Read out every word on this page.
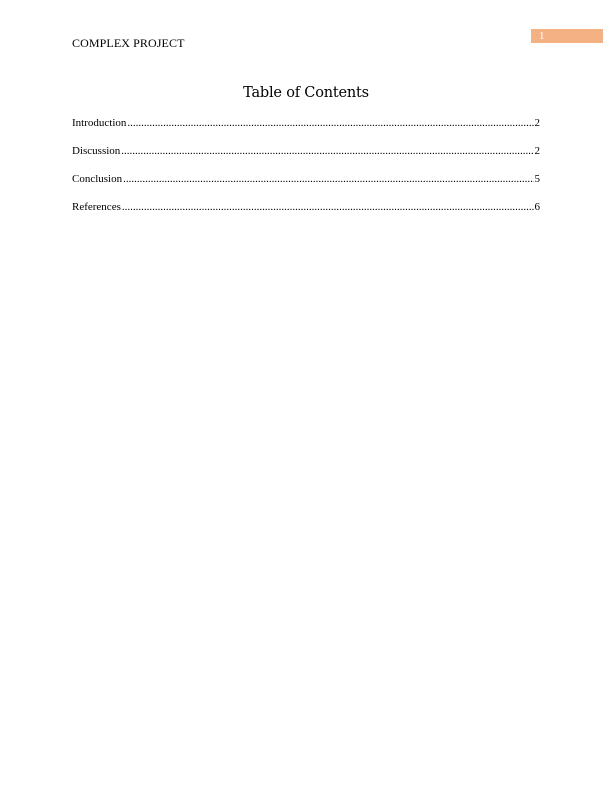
COMPLEX PROJECT	1
Table of Contents
Introduction .....	2
Discussion .....	2
Conclusion .....	5
References .....	6
